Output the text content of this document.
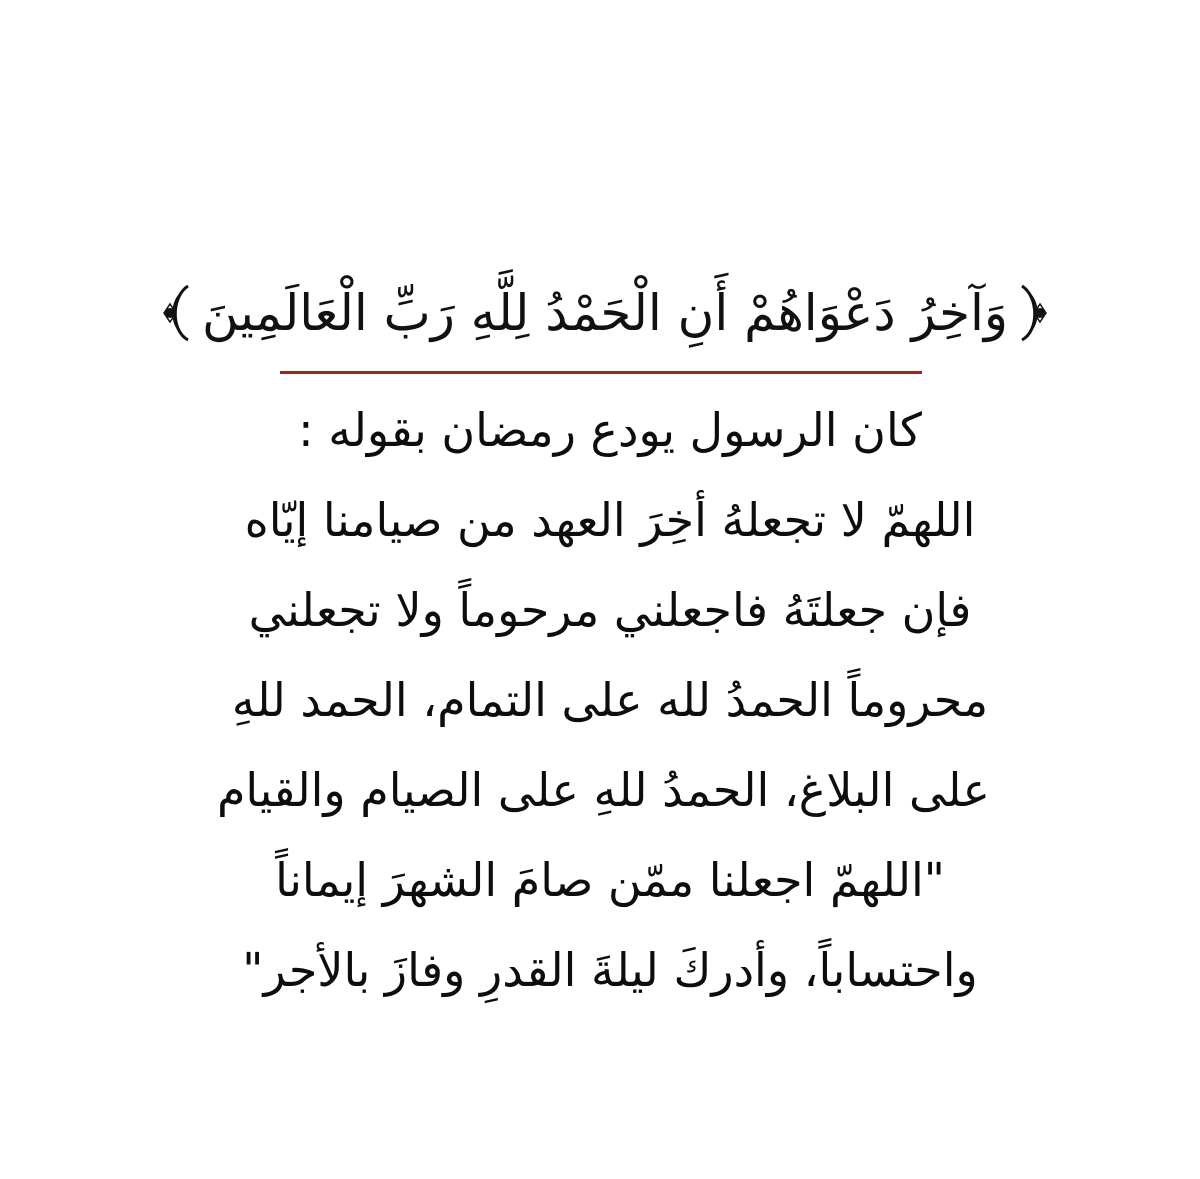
وَآخِرُ دَعْوَاهُمْ أَنِ الْحَمْدُ لِلَّهِ رَبِّ الْعَالَمِينَ
كان الرسول يودع رمضان بقوله :
اللهمّ لا تجعلهُ أخِرَ العهد من صيامنا إيّاه
فإن جعلتَهُ فاجعلني مرحوماً ولا تجعلني
محروماً الحمدُ لله على التمام، الحمد للهِ
على البلاغ، الحمدُ للهِ على الصيام والقيام
"اللهمّ اجعلنا ممّن صامَ الشهرَ إيماناً
واحتساباً، وأدركَ ليلةَ القدرِ وفازَ بالأجر"
